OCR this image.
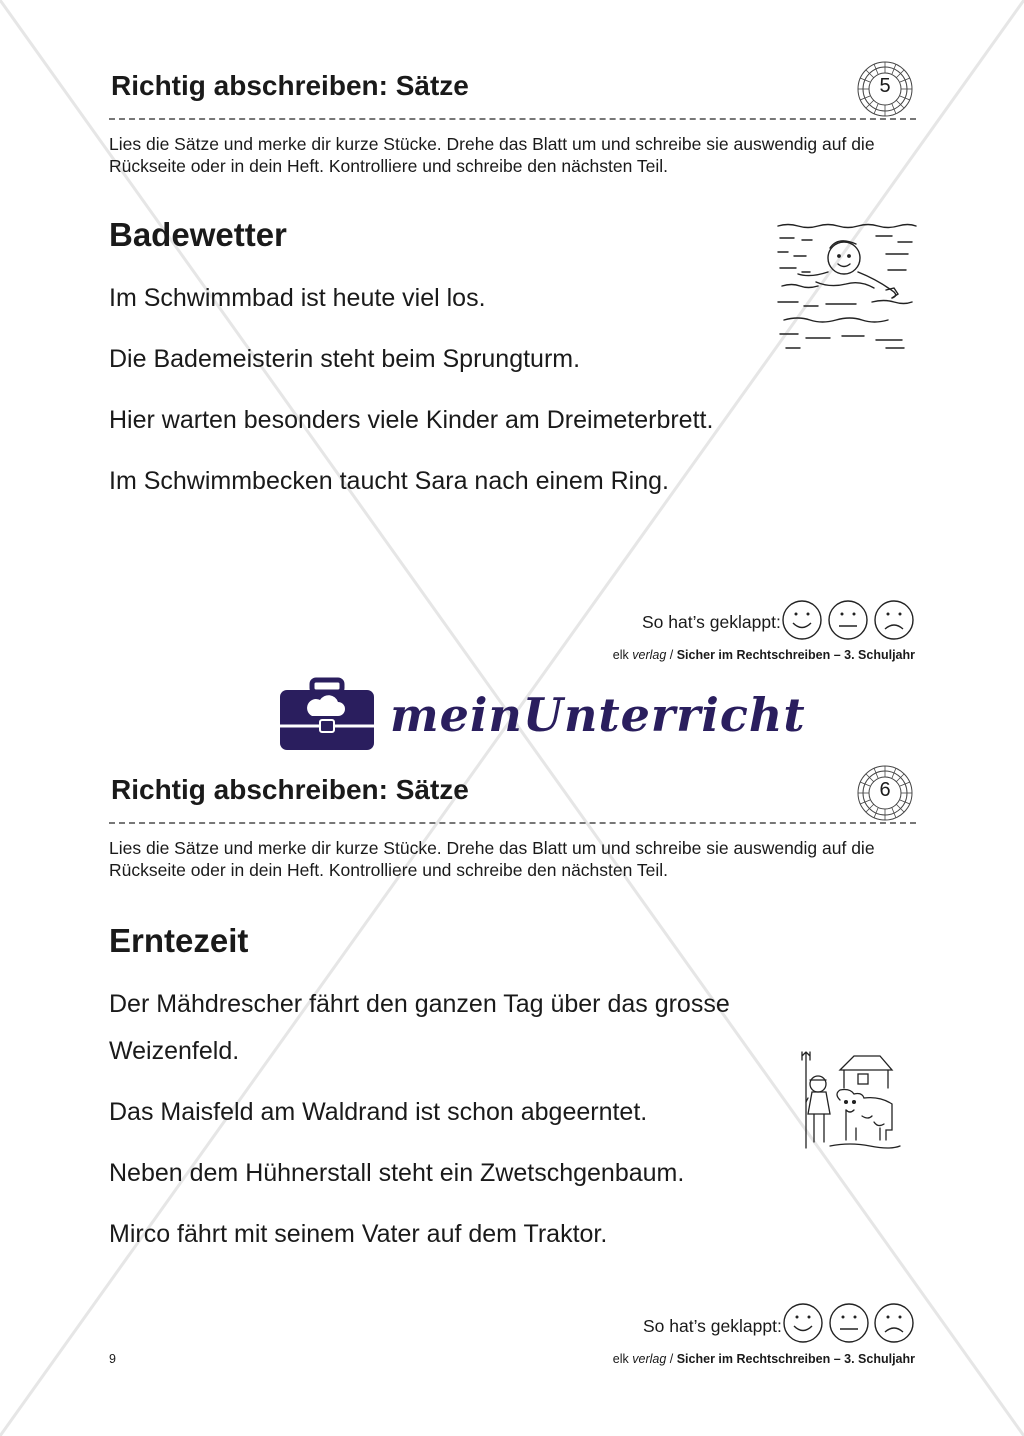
Richtig abschreiben: Sätze	5
Lies die Sätze und merke dir kurze Stücke. Drehe das Blatt um und schreibe sie auswendig auf die Rückseite oder in dein Heft. Kontrolliere und schreibe den nächsten Teil.
Badewetter
Im Schwimmbad ist heute viel los.
Die Bademeisterin steht beim Sprungturm.
Hier warten besonders viele Kinder am Dreimeterbrett.
Im Schwimmbecken taucht Sara nach einem Ring.
So hat’s geklappt:
elk verlag / Sicher im Rechtschreiben – 3. Schuljahr
meinUnterricht
Richtig abschreiben: Sätze	6
Lies die Sätze und merke dir kurze Stücke. Drehe das Blatt um und schreibe sie auswendig auf die Rückseite oder in dein Heft. Kontrolliere und schreibe den nächsten Teil.
Erntezeit
Der Mähdrescher fährt den ganzen Tag über das grosse
Weizenfeld.
Das Maisfeld am Waldrand ist schon abgeerntet.
Neben dem Hühnerstall steht ein Zwetschgenbaum.
Mirco fährt mit seinem Vater auf dem Traktor.
So hat’s geklappt:
9	elk verlag / Sicher im Rechtschreiben – 3. Schuljahr
